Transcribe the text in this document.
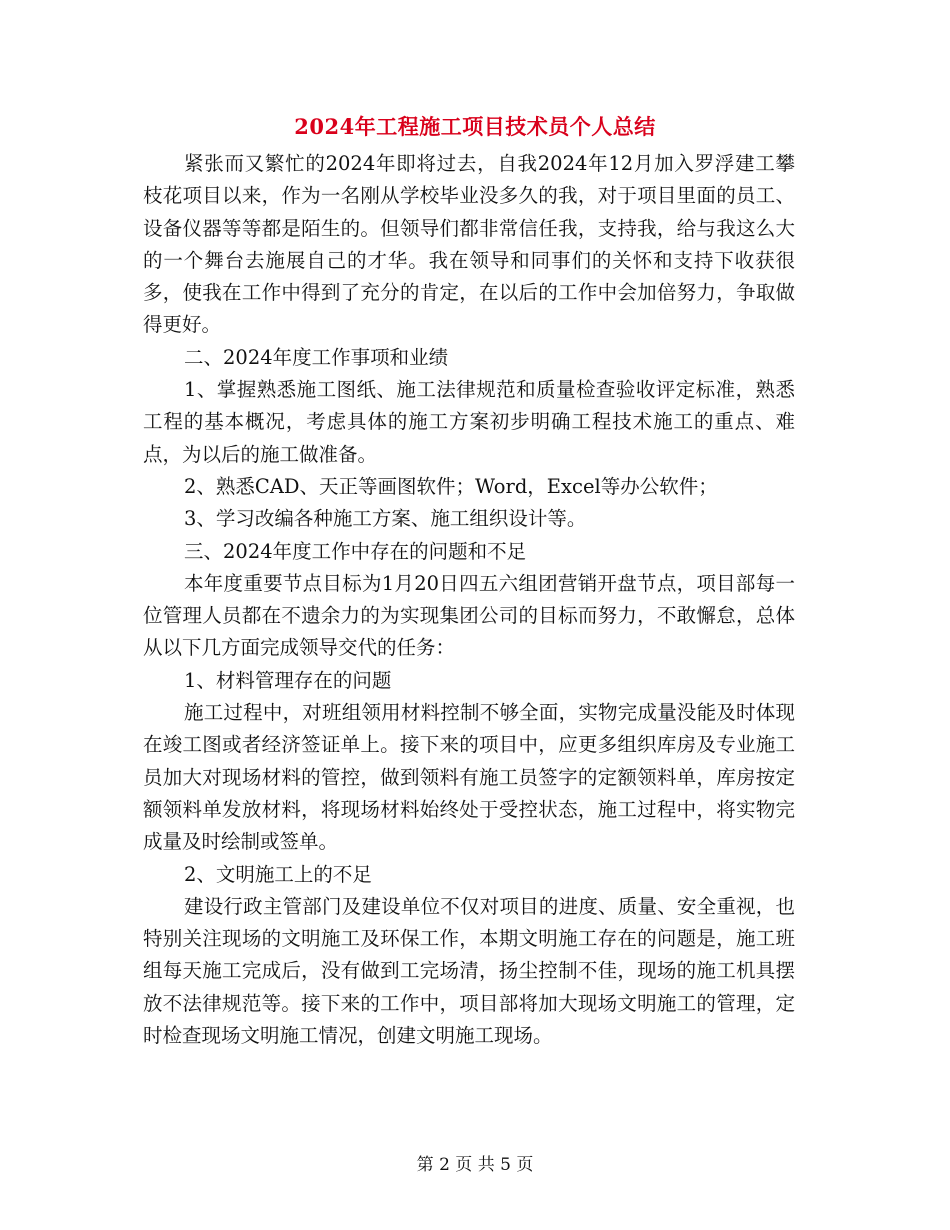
2024年工程施工项目技术员个人总结

紧张而又繁忙的2024年即将过去，自我2024年12月加入罗浮建工攀枝花项目以来，作为一名刚从学校毕业没多久的我，对于项目里面的员工、设备仪器等等都是陌生的。但领导们都非常信任我，支持我，给与我这么大的一个舞台去施展自己的才华。我在领导和同事们的关怀和支持下收获很多，使我在工作中得到了充分的肯定，在以后的工作中会加倍努力，争取做得更好。

二、2024年度工作事项和业绩

1、掌握熟悉施工图纸、施工法律规范和质量检查验收评定标准，熟悉工程的基本概况，考虑具体的施工方案初步明确工程技术施工的重点、难点，为以后的施工做准备。

2、熟悉CAD、天正等画图软件；Word，Excel等办公软件；

3、学习改编各种施工方案、施工组织设计等。

三、2024年度工作中存在的问题和不足

本年度重要节点目标为1月20日四五六组团营销开盘节点，项目部每一位管理人员都在不遗余力的为实现集团公司的目标而努力，不敢懈怠，总体从以下几方面完成领导交代的任务：

1、材料管理存在的问题

施工过程中，对班组领用材料控制不够全面，实物完成量没能及时体现在竣工图或者经济签证单上。接下来的项目中，应更多组织库房及专业施工员加大对现场材料的管控，做到领料有施工员签字的定额领料单，库房按定额领料单发放材料，将现场材料始终处于受控状态，施工过程中，将实物完成量及时绘制或签单。

2、文明施工上的不足

建设行政主管部门及建设单位不仅对项目的进度、质量、安全重视，也特别关注现场的文明施工及环保工作，本期文明施工存在的问题是，施工班组每天施工完成后，没有做到工完场清，扬尘控制不佳，现场的施工机具摆放不法律规范等。接下来的工作中，项目部将加大现场文明施工的管理，定时检查现场文明施工情况，创建文明施工现场。

第 2 页 共 5 页
